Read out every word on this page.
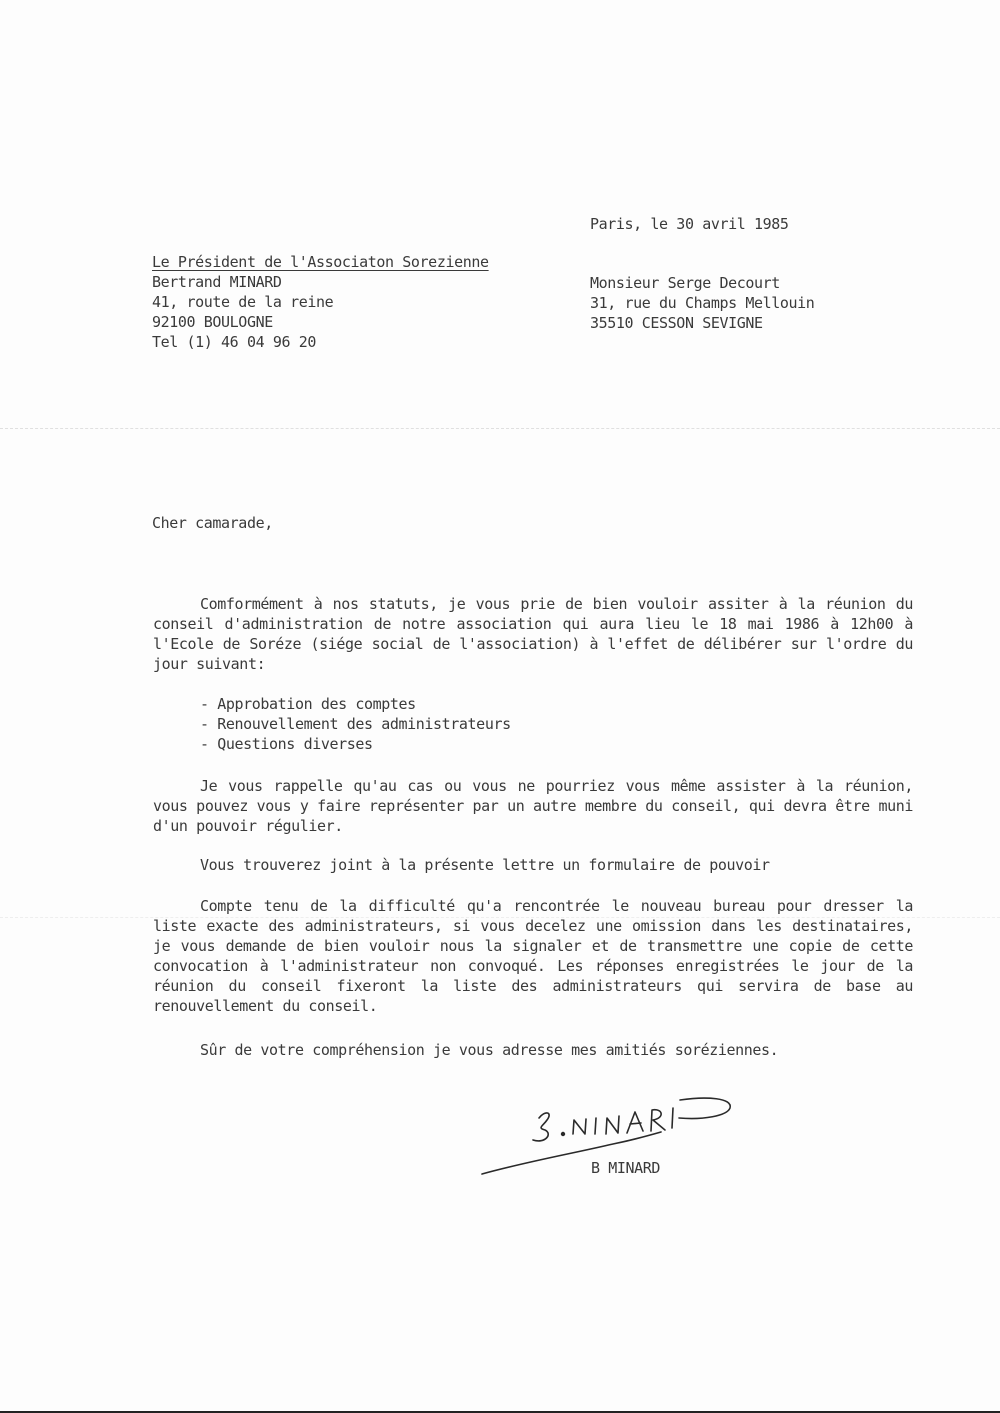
Paris, le 30 avril 1985
Le Président de l'Associaton Sorezienne
Bertrand MINARD
41, route de la reine
92100 BOULOGNE
Tel (1) 46 04 96 20
Monsieur Serge Decourt
31, rue du Champs Mellouin
35510 CESSON SEVIGNE
Cher camarade,

Comformément à nos statuts, je vous prie de bien vouloir assiter à la réunion du conseil d'administration de notre association qui aura lieu le 18 mai 1986 à 12h00 à l'Ecole de Soréze (siége social de l'association) à l'effet de délibérer sur l'ordre du jour suivant:

- Approbation des comptes
- Renouvellement des administrateurs
- Questions diverses

Je vous rappelle qu'au cas ou vous ne pourriez vous même assister à la réunion, vous pouvez vous y faire représenter par un autre membre du conseil, qui devra être muni d'un pouvoir régulier.

Vous trouverez joint à la présente lettre un formulaire de pouvoir

Compte tenu de la difficulté qu'a rencontrée le nouveau bureau pour dresser la liste exacte des administrateurs, si vous decelez une omission dans les destinataires, je vous demande de bien vouloir nous la signaler et de transmettre une copie de cette convocation à l'administrateur non convoqué. Les réponses enregistrées le jour de la réunion du conseil fixeront la liste des administrateurs qui servira de base au renouvellement du conseil.

Sûr de votre compréhension je vous adresse mes amitiés soréziennes.

B MINARD
